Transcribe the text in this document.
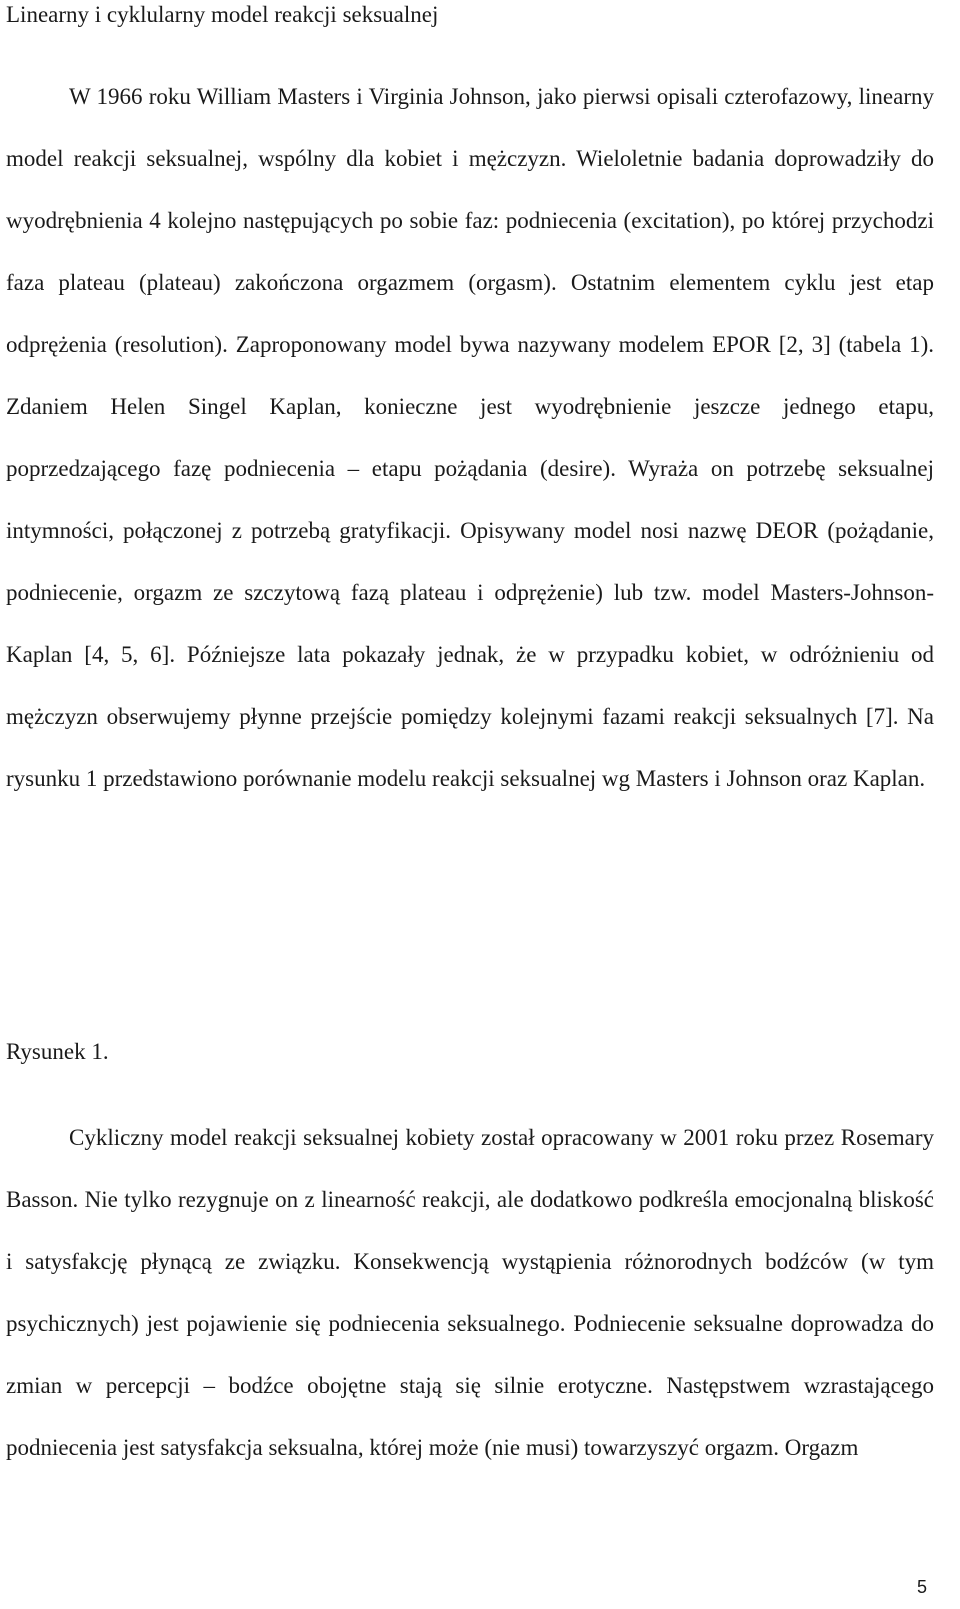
Linearny i cyklularny model reakcji seksualnej

W 1966 roku William Masters i Virginia Johnson, jako pierwsi opisali czterofazowy, linearny model reakcji seksualnej, wspólny dla kobiet i mężczyzn. Wieloletnie badania doprowadziły do wyodrębnienia 4 kolejno następujących po sobie faz: podniecenia (excitation), po której przychodzi faza plateau (plateau) zakończona orgazmem (orgasm). Ostatnim elementem cyklu jest etap odprężenia (resolution). Zaproponowany model bywa nazywany modelem EPOR [2, 3] (tabela 1). Zdaniem Helen Singel Kaplan, konieczne jest wyodrębnienie jeszcze jednego etapu, poprzedzającego fazę podniecenia – etapu pożądania (desire). Wyraża on potrzebę seksualnej intymności, połączonej z potrzebą gratyfikacji. Opisywany model nosi nazwę DEOR (pożądanie, podniecenie, orgazm ze szczytową fazą plateau i odprężenie) lub tzw. model Masters-Johnson-Kaplan [4, 5, 6]. Późniejsze lata pokazały jednak, że w przypadku kobiet, w odróżnieniu od mężczyzn obserwujemy płynne przejście pomiędzy kolejnymi fazami reakcji seksualnych [7]. Na rysunku 1 przedstawiono porównanie modelu reakcji seksualnej wg Masters i Johnson oraz Kaplan.

Rysunek 1.

Cykliczny model reakcji seksualnej kobiety został opracowany w 2001 roku przez Rosemary Basson. Nie tylko rezygnuje on z linearność reakcji, ale dodatkowo podkreśla emocjonalną bliskość i satysfakcję płynącą ze związku. Konsekwencją wystąpienia różnorodnych bodźców (w tym psychicznych) jest pojawienie się podniecenia seksualnego. Podniecenie seksualne doprowadza do zmian w percepcji – bodźce obojętne stają się silnie erotyczne. Następstwem wzrastającego podniecenia jest satysfakcja seksualna, której może (nie musi) towarzyszyć orgazm. Orgazm

5
